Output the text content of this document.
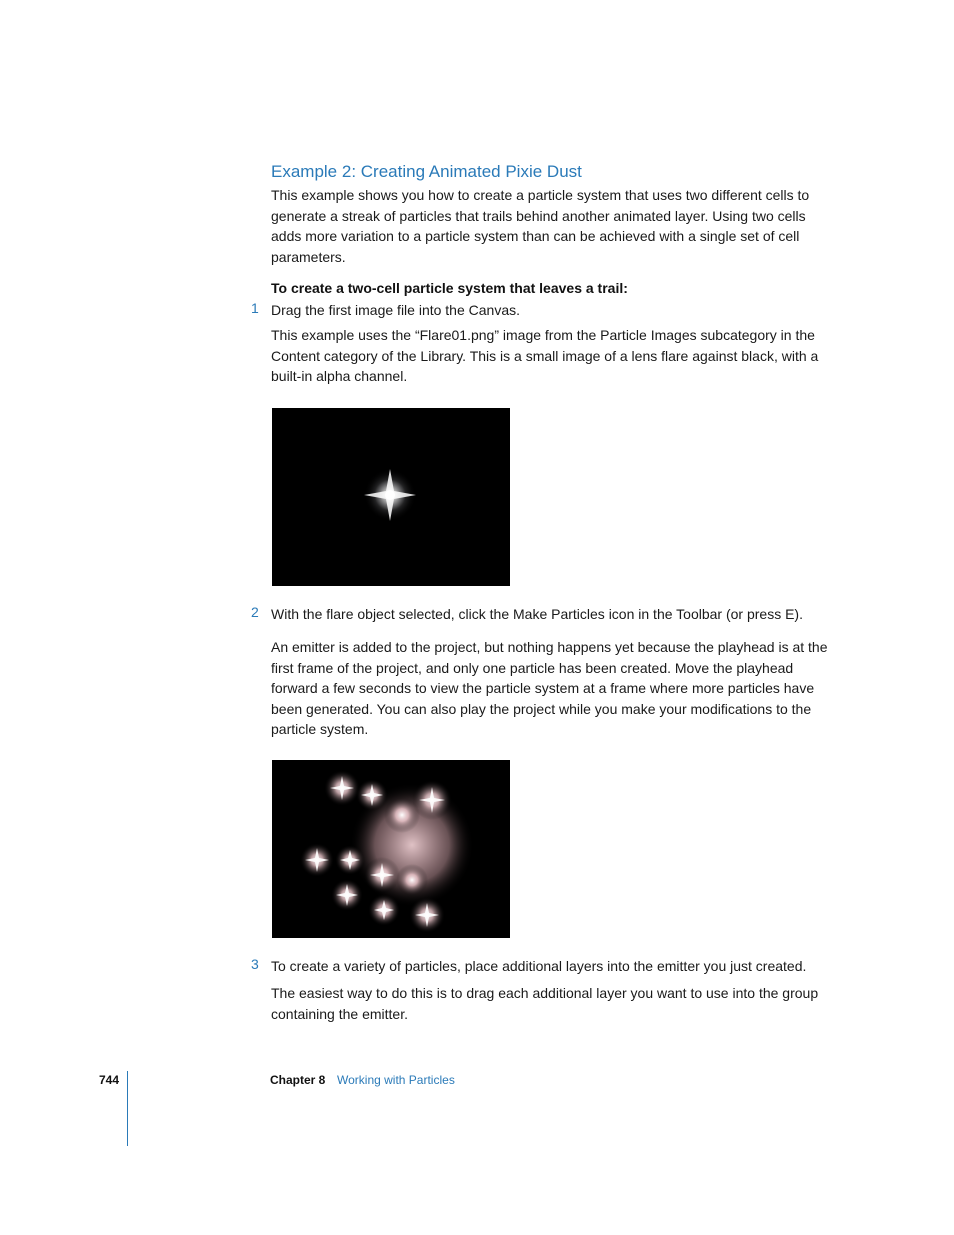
Example 2: Creating Animated Pixie Dust

This example shows you how to create a particle system that uses two different cells to generate a streak of particles that trails behind another animated layer. Using two cells adds more variation to a particle system than can be achieved with a single set of cell parameters.

To create a two-cell particle system that leaves a trail:

1 Drag the first image file into the Canvas.

This example uses the “Flare01.png” image from the Particle Images subcategory in the Content category of the Library. This is a small image of a lens flare against black, with a built-in alpha channel.

2 With the flare object selected, click the Make Particles icon in the Toolbar (or press E).

An emitter is added to the project, but nothing happens yet because the playhead is at the first frame of the project, and only one particle has been created. Move the playhead forward a few seconds to view the particle system at a frame where more particles have been generated. You can also play the project while you make your modifications to the particle system.

3 To create a variety of particles, place additional layers into the emitter you just created.

The easiest way to do this is to drag each additional layer you want to use into the group containing the emitter.

744	Chapter 8 Working with Particles
